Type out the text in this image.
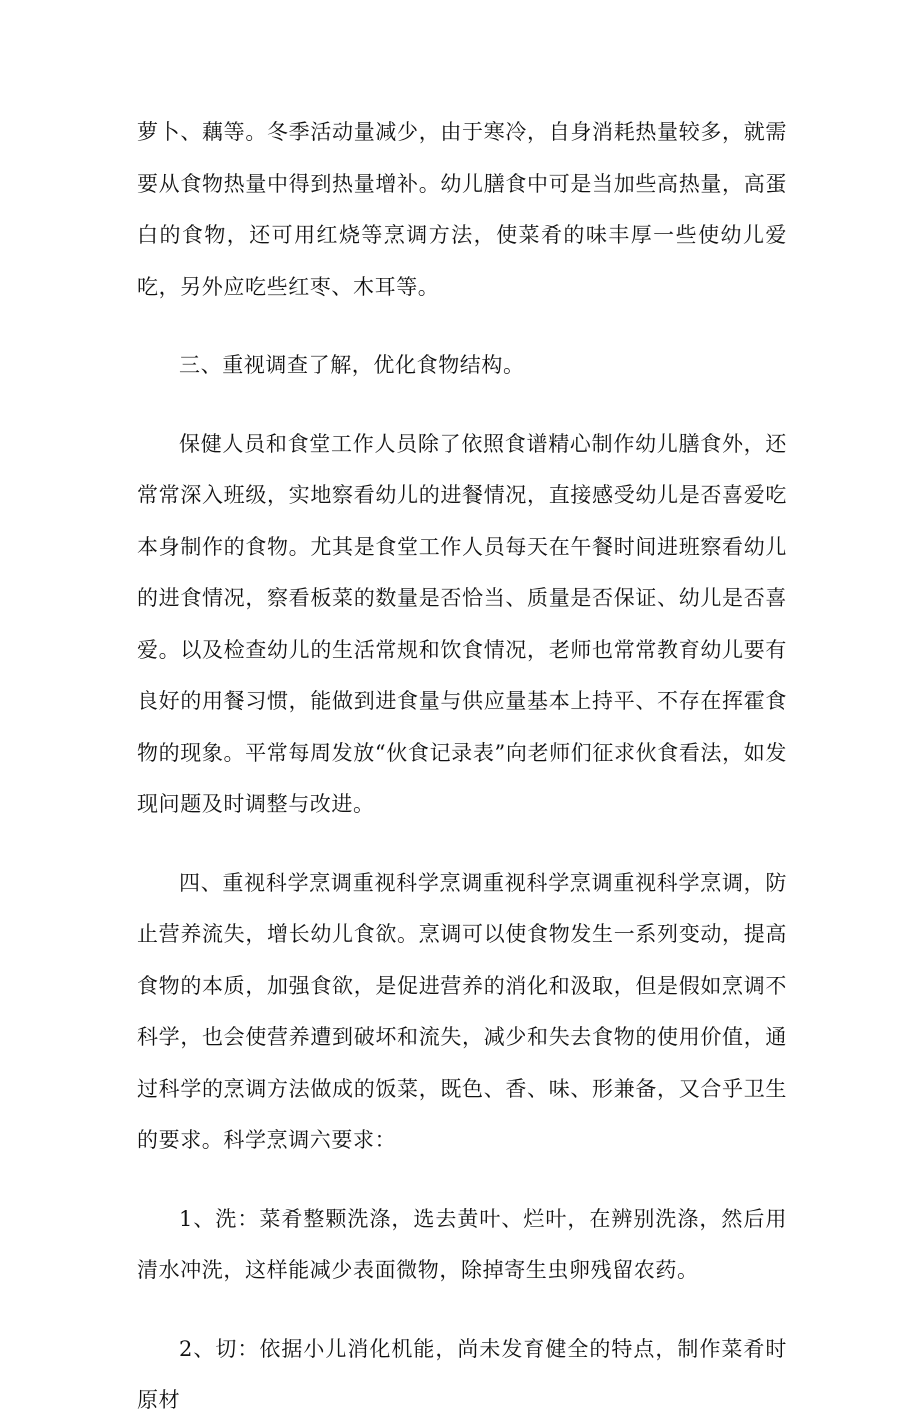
萝卜、藕等。冬季活动量减少，由于寒冷，自身消耗热量较多，就需要从食物热量中得到热量增补。幼儿膳食中可是当加些高热量，高蛋白的食物，还可用红烧等烹调方法，使菜肴的味丰厚一些使幼儿爱吃，另外应吃些红枣、木耳等。

三、重视调查了解，优化食物结构。

保健人员和食堂工作人员除了依照食谱精心制作幼儿膳食外，还常常深入班级，实地察看幼儿的进餐情况，直接感受幼儿是否喜爱吃本身制作的食物。尤其是食堂工作人员每天在午餐时间进班察看幼儿的进食情况，察看板菜的数量是否恰当、质量是否保证、幼儿是否喜爱。以及检查幼儿的生活常规和饮食情况，老师也常常教育幼儿要有良好的用餐习惯，能做到进食量与供应量基本上持平、不存在挥霍食物的现象。平常每周发放“伙食记录表”向老师们征求伙食看法，如发现问题及时调整与改进。

四、重视科学烹调重视科学烹调重视科学烹调重视科学烹调，防止营养流失，增长幼儿食欲。烹调可以使食物发生一系列变动，提高食物的本质，加强食欲，是促进营养的消化和汲取，但是假如烹调不科学，也会使营养遭到破坏和流失，减少和失去食物的使用价值，通过科学的烹调方法做成的饭菜，既色、香、味、形兼备，又合乎卫生的要求。科学烹调六要求：

1、洗：菜肴整颗洗涤，选去黄叶、烂叶，在辨别洗涤，然后用清水冲洗，这样能减少表面微物，除掉寄生虫卵残留农药。

2、切：依据小儿消化机能，尚未发育健全的特点，制作菜肴时原材
